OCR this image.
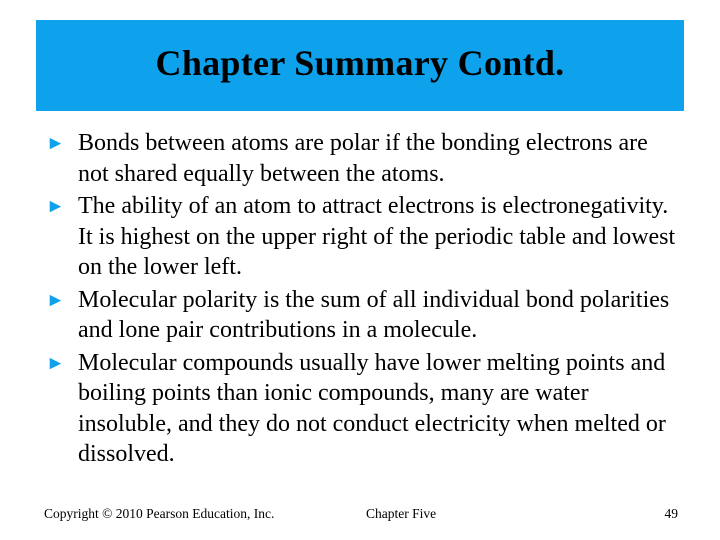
Chapter Summary Contd.
► Bonds between atoms are polar if the bonding electrons are not shared equally between the atoms.
► The ability of an atom to attract electrons is electronegativity. It is highest on the upper right of the periodic table and lowest on the lower left.
► Molecular polarity is the sum of all individual bond polarities and lone pair contributions in a molecule.
► Molecular compounds usually have lower melting points and boiling points than ionic compounds, many are water insoluble, and they do not conduct electricity when melted or dissolved.
Copyright © 2010 Pearson Education, Inc.	Chapter Five	49
